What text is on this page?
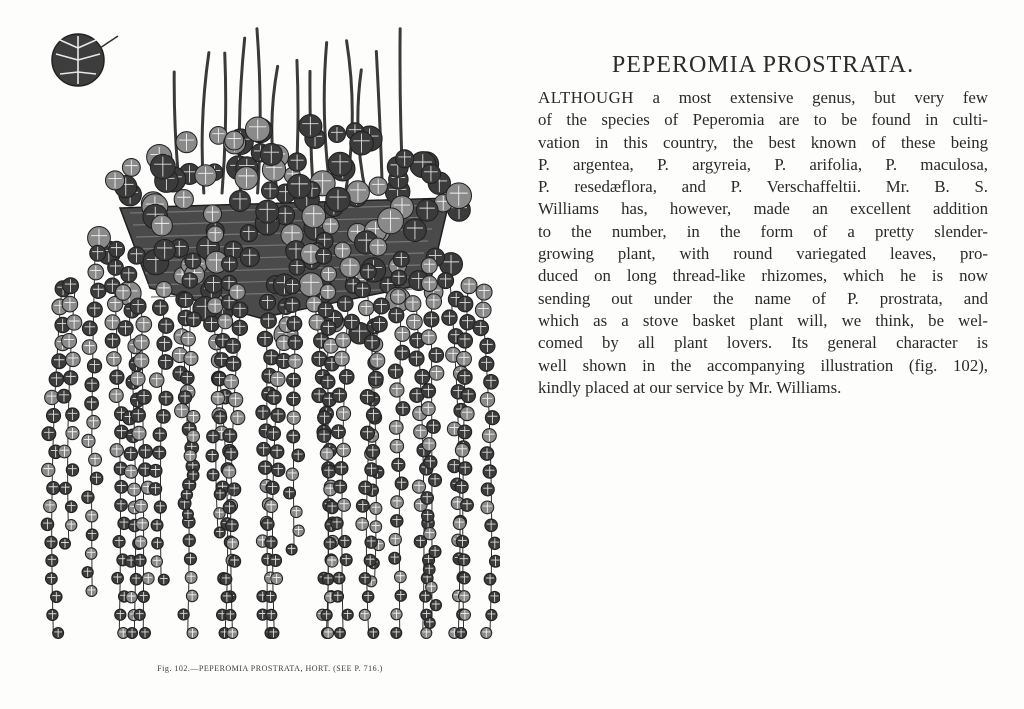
J.P.
Fig. 102.—PEPEROMIA PROSTRATA, HORT. (SEE P. 716.)
PEPEROMIA PROSTRATA.
ALTHOUGH a most extensive genus, but very few
of the species of Peperomia are to be found in culti-
vation in this country, the best known of these being
P. argentea, P. argyreia, P. arifolia, P. maculosa,
P. resedæflora, and P. Verschaffeltii. Mr. B. S.
Williams has, however, made an excellent addition
to the number, in the form of a pretty slender-
growing plant, with round variegated leaves, pro-
duced on long thread-like rhizomes, which he is now
sending out under the name of P. prostrata, and
which as a stove basket plant will, we think, be wel-
comed by all plant lovers. Its general character is
well shown in the accompanying illustration (fig. 102),
kindly placed at our service by Mr. Williams.
